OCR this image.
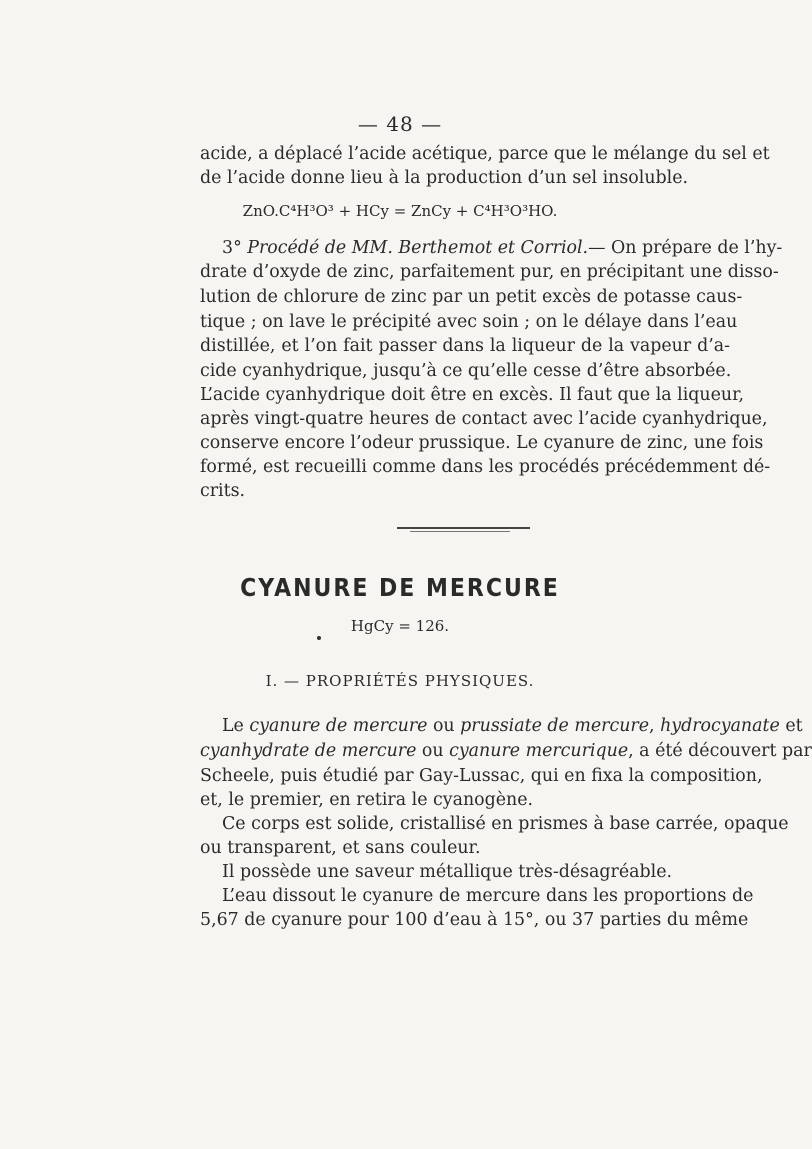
— 48 —
acide, a déplacé l’acide acétique, parce que le mélange du sel et
de l’acide donne lieu à la production d’un sel insoluble.
ZnO.C⁴H³O³ + HCy = ZnCy + C⁴H³O³HO.
3° Procédé de MM. Berthemot et Corriol. — On prépare de l’hy-
drate d’oxyde de zinc, parfaitement pur, en précipitant une disso-
lution de chlorure de zinc par un petit excès de potasse caus-
tique ; on lave le précipité avec soin ; on le délaye dans l’eau
distillée, et l’on fait passer dans la liqueur de la vapeur d’a-
cide cyanhydrique, jusqu’à ce qu’elle cesse d’être absorbée.
L’acide cyanhydrique doit être en excès. Il faut que la liqueur,
après vingt-quatre heures de contact avec l’acide cyanhydrique,
conserve encore l’odeur prussique. Le cyanure de zinc, une fois
formé, est recueilli comme dans les procédés précédemment dé-
crits.
CYANURE DE MERCURE
HgCy = 126.
I. — PROPRIÉTÉS PHYSIQUES.
Le cyanure de mercure ou prussiate de mercure, hydrocyanate et
cyanhydrate de mercure ou cyanure mercurique, a été découvert par
Scheele, puis étudié par Gay-Lussac, qui en fixa la composition,
et, le premier, en retira le cyanogène.
Ce corps est solide, cristallisé en prismes à base carrée, opaque
ou transparent, et sans couleur.
Il possède une saveur métallique très-désagréable.
L’eau dissout le cyanure de mercure dans les proportions de
5,67 de cyanure pour 100 d’eau à 15°, ou 37 parties du même
